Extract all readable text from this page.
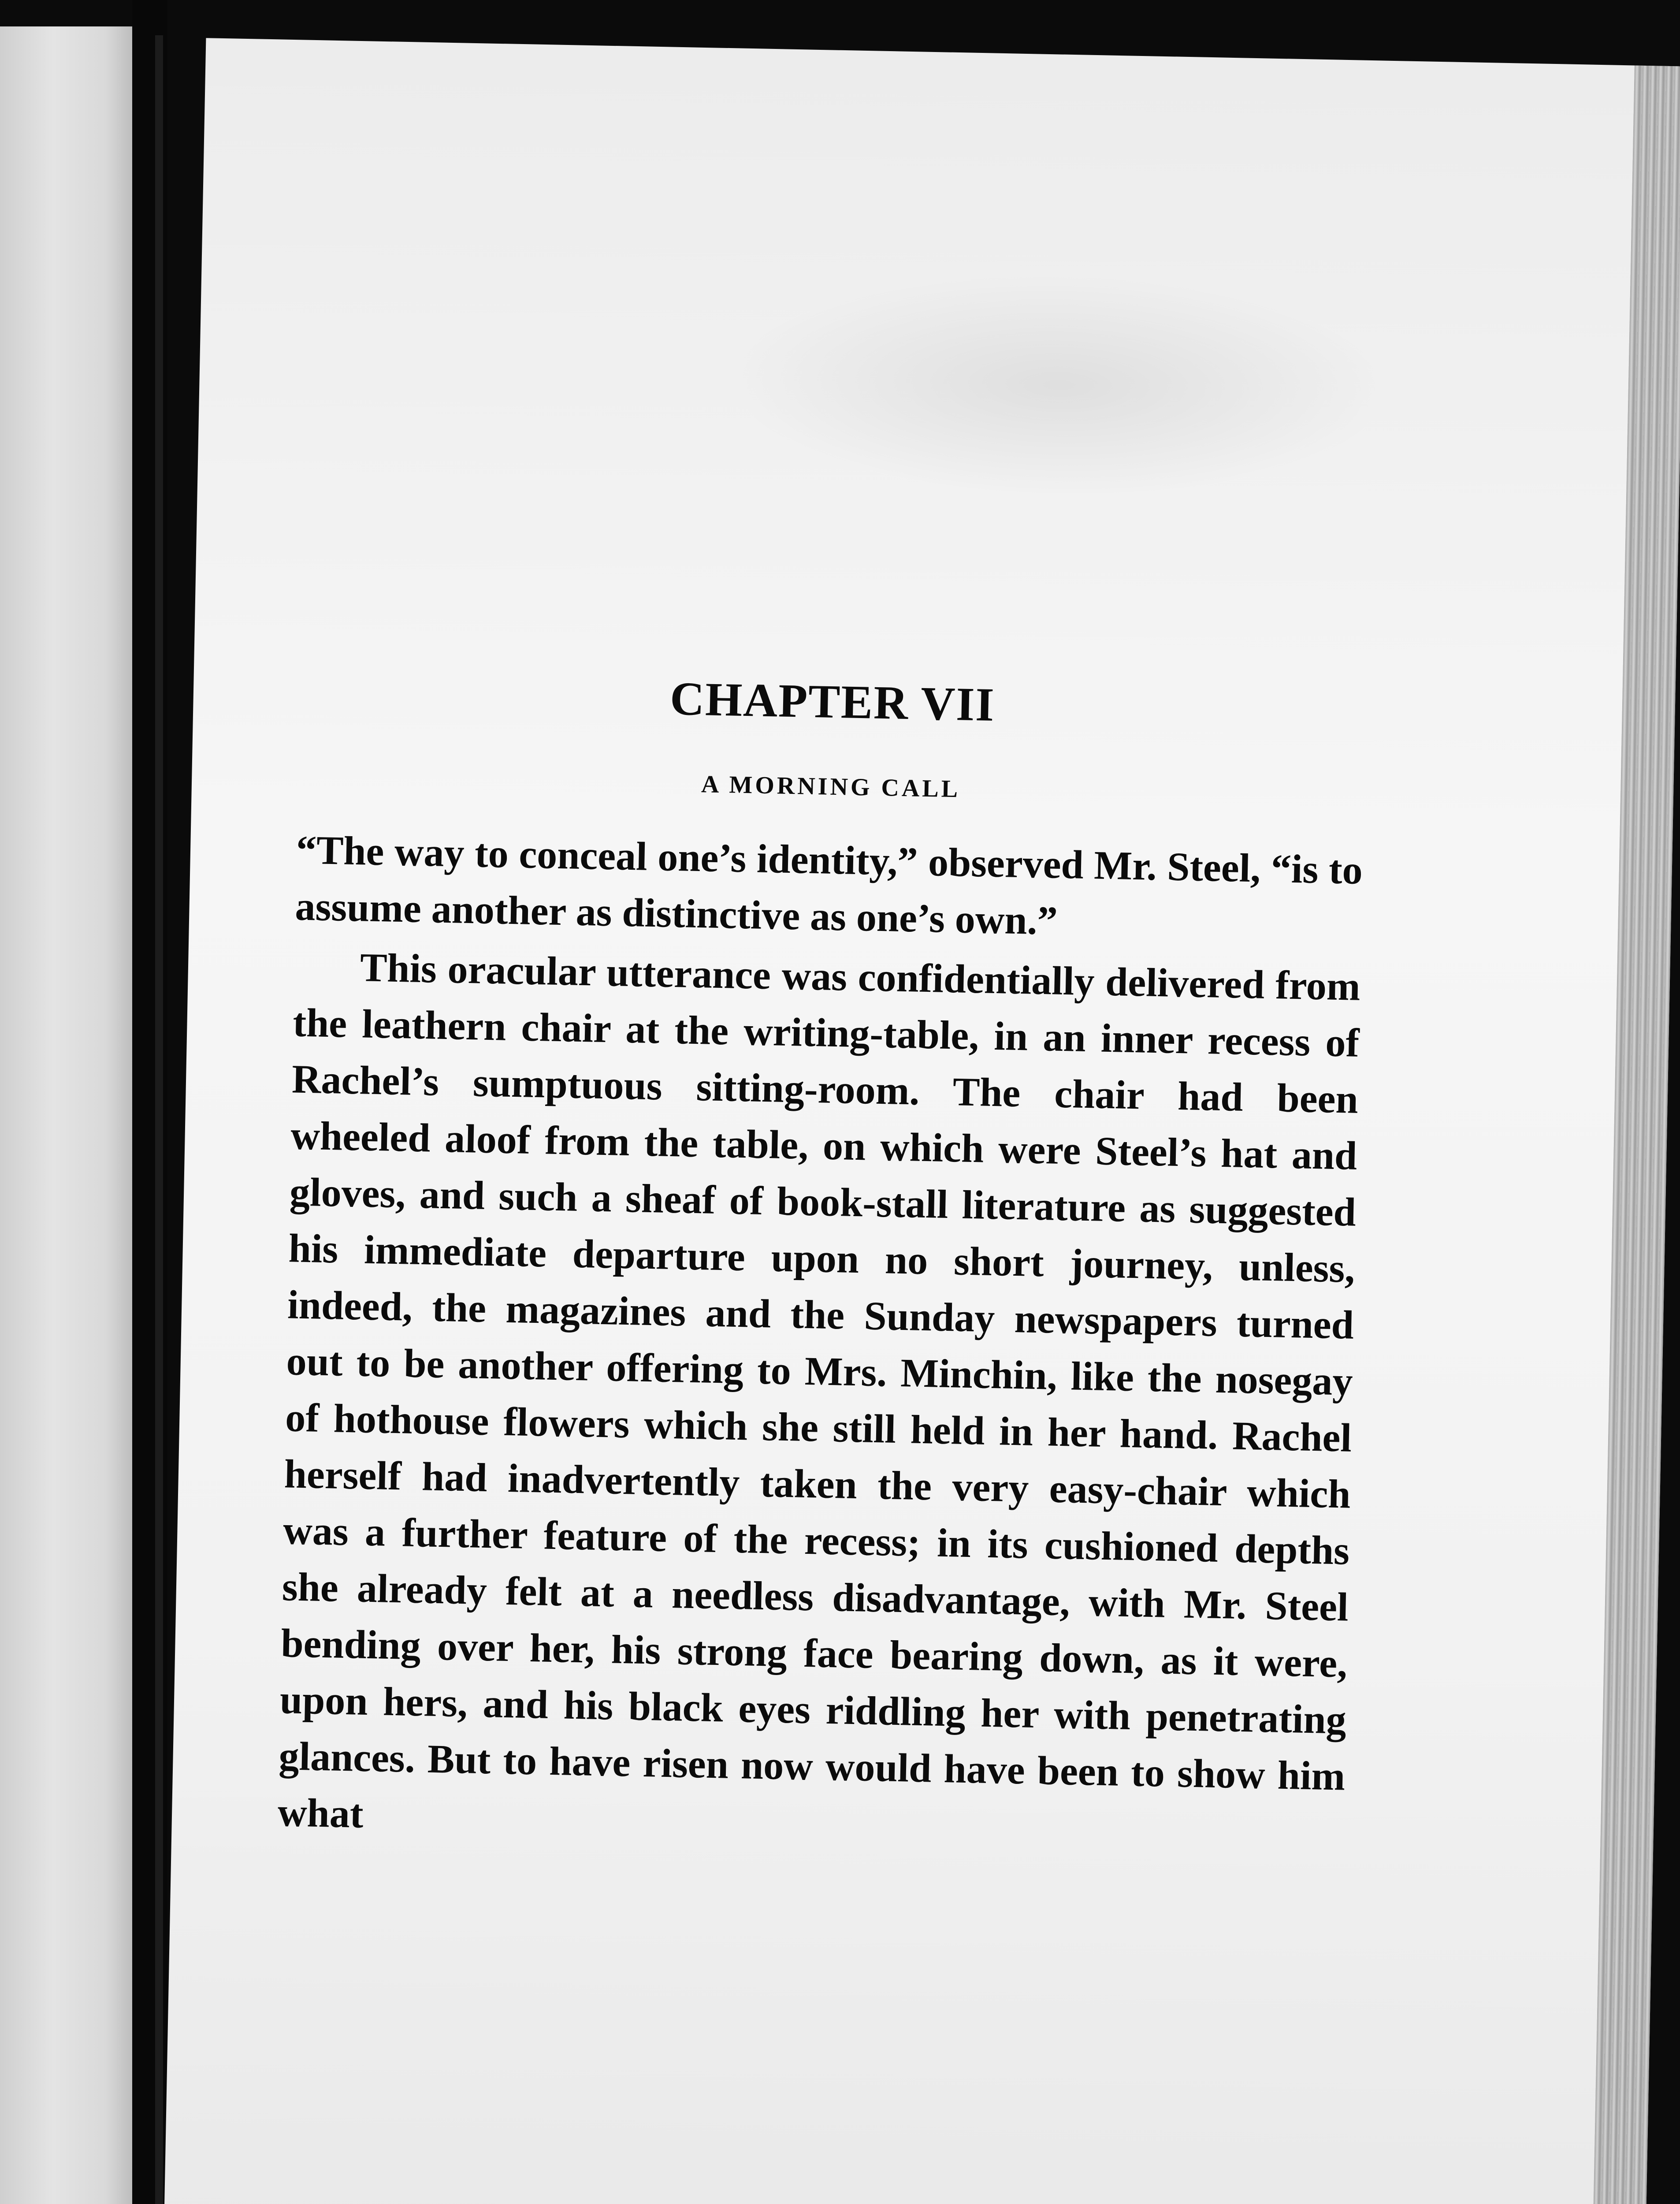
CHAPTER VII
A MORNING CALL

“The way to conceal one’s identity,” observed Mr. Steel, “is to assume another as distinctive as one’s own.”

This oracular utterance was confidentially delivered from the leathern chair at the writing-table, in an inner recess of Rachel’s sumptuous sitting-room. The chair had been wheeled aloof from the table, on which were Steel’s hat and gloves, and such a sheaf of book-stall literature as suggested his immediate departure upon no short journey, unless, indeed, the magazines and the Sunday newspapers turned out to be another offering to Mrs. Minchin, like the nosegay of hothouse flowers which she still held in her hand. Rachel herself had inadvertently taken the very easy-chair which was a further feature of the recess; in its cushioned depths she already felt at a needless disadvantage, with Mr. Steel bending over her, his strong face bearing down, as it were, upon hers, and his black eyes riddling her with penetrating glances. But to have risen now would have been to show him what
